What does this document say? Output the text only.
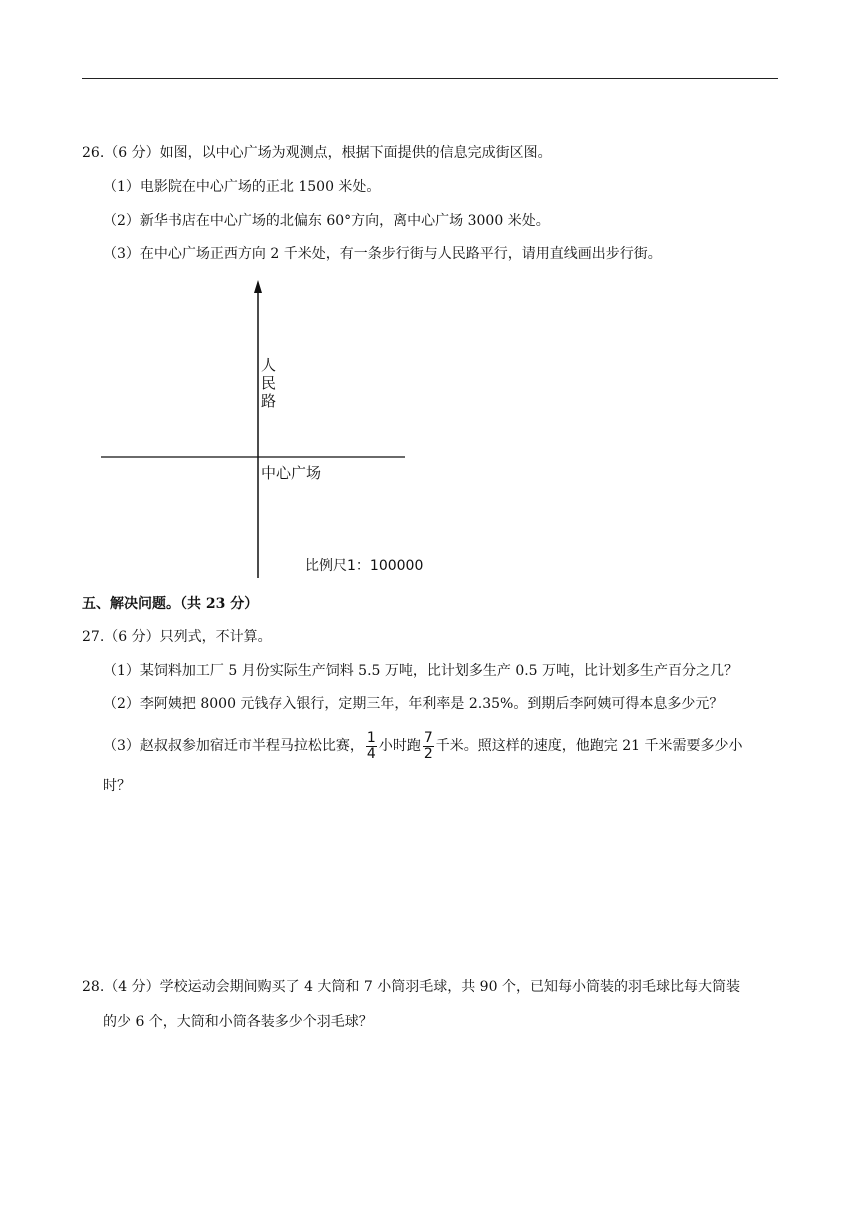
26.（6 分）如图，以中心广场为观测点，根据下面提供的信息完成街区图。
（1）电影院在中心广场的正北 1500 米处。
（2）新华书店在中心广场的北偏东 60°方向，离中心广场 3000 米处。
（3）在中心广场正西方向 2 千米处，有一条步行街与人民路平行，请用直线画出步行街。
人
民
路
中心广场
比例尺1：100000
五、解决问题。（共 23 分）
27.（6 分）只列式，不计算。
（1）某饲料加工厂 5 月份实际生产饲料 5.5 万吨，比计划多生产 0.5 万吨，比计划多生产百分之几？
（2）李阿姨把 8000 元钱存入银行，定期三年，年利率是 2.35%。到期后李阿姨可得本息多少元？
（3）赵叔叔参加宿迁市半程马拉松比赛， $\frac{1}{4}$ 小时跑 $\frac{7}{2}$ 千米。照这样的速度，他跑完 21 千米需要多少小
时？
28.（4 分）学校运动会期间购买了 4 大筒和 7 小筒羽毛球，共 90 个，已知每小筒装的羽毛球比每大筒装
的少 6 个，大筒和小筒各装多少个羽毛球？
